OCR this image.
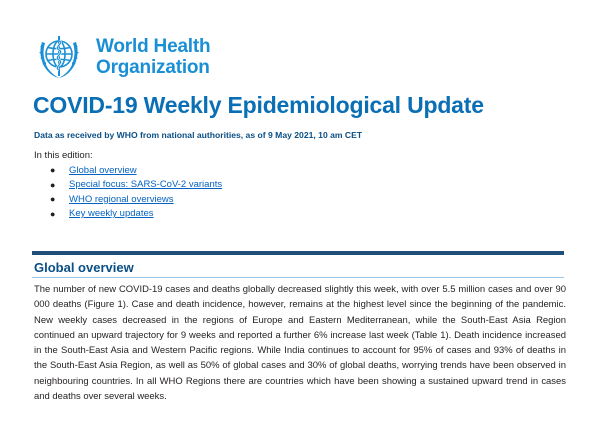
World Health
Organization
COVID-19 Weekly Epidemiological Update
Data as received by WHO from national authorities, as of 9 May 2021, 10 am CET
In this edition:
●	Global overview
●	Special focus: SARS-CoV-2 variants
●	WHO regional overviews
●	Key weekly updates
Global overview

The number of new COVID-19 cases and deaths globally decreased slightly this week, with over 5.5 million cases and over 90 000 deaths (Figure 1). Case and death incidence, however, remains at the highest level since the beginning of the pandemic. New weekly cases decreased in the regions of Europe and Eastern Mediterranean, while the South-East Asia Region continued an upward trajectory for 9 weeks and reported a further 6% increase last week (Table 1). Death incidence increased in the South-East Asia and Western Pacific regions. While India continues to account for 95% of cases and 93% of deaths in the South-East Asia Region, as well as 50% of global cases and 30% of global deaths, worrying trends have been observed in neighbouring countries. In all WHO Regions there are countries which have been showing a sustained upward trend in cases and deaths over several weeks.
